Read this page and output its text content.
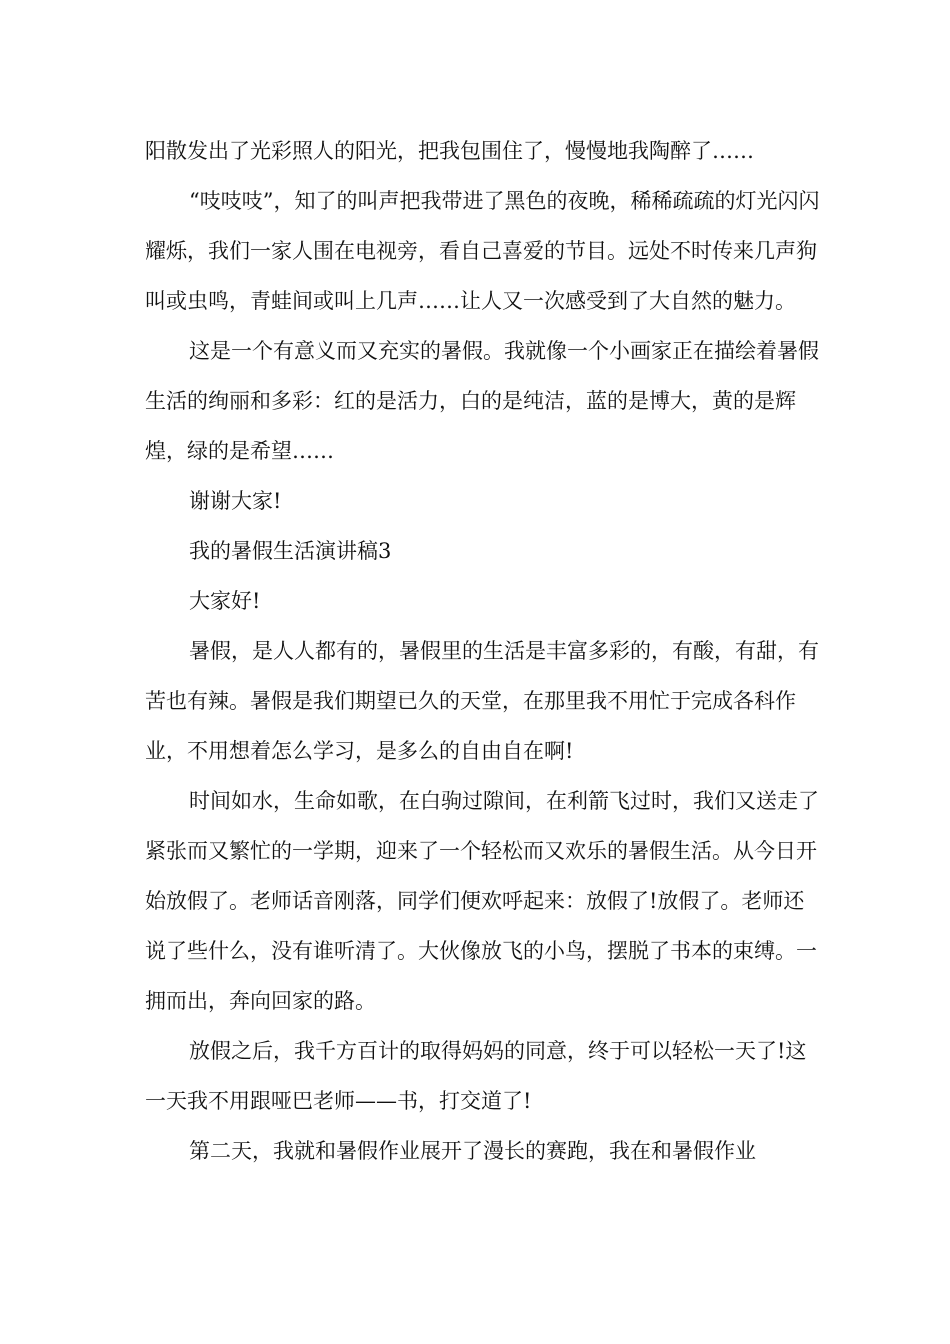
阳散发出了光彩照人的阳光，把我包围住了，慢慢地我陶醉了……

“吱吱吱”，知了的叫声把我带进了黑色的夜晚，稀稀疏疏的灯光闪闪耀烁，我们一家人围在电视旁，看自己喜爱的节目。远处不时传来几声狗叫或虫鸣，青蛙间或叫上几声……让人又一次感受到了大自然的魅力。

这是一个有意义而又充实的暑假。我就像一个小画家正在描绘着暑假生活的绚丽和多彩：红的是活力，白的是纯洁，蓝的是博大，黄的是辉煌，绿的是希望……

谢谢大家!

我的暑假生活演讲稿3

大家好!

暑假，是人人都有的，暑假里的生活是丰富多彩的，有酸，有甜，有苦也有辣。暑假是我们期望已久的天堂，在那里我不用忙于完成各科作业，不用想着怎么学习，是多么的自由自在啊!

时间如水，生命如歌，在白驹过隙间，在利箭飞过时，我们又送走了紧张而又繁忙的一学期，迎来了一个轻松而又欢乐的暑假生活。从今日开始放假了。老师话音刚落，同学们便欢呼起来：放假了!放假了。老师还说了些什么，没有谁听清了。大伙像放飞的小鸟，摆脱了书本的束缚。一拥而出，奔向回家的路。

放假之后，我千方百计的取得妈妈的同意，终于可以轻松一天了!这一天我不用跟哑巴老师——书，打交道了!

第二天，我就和暑假作业展开了漫长的赛跑，我在和暑假作业
